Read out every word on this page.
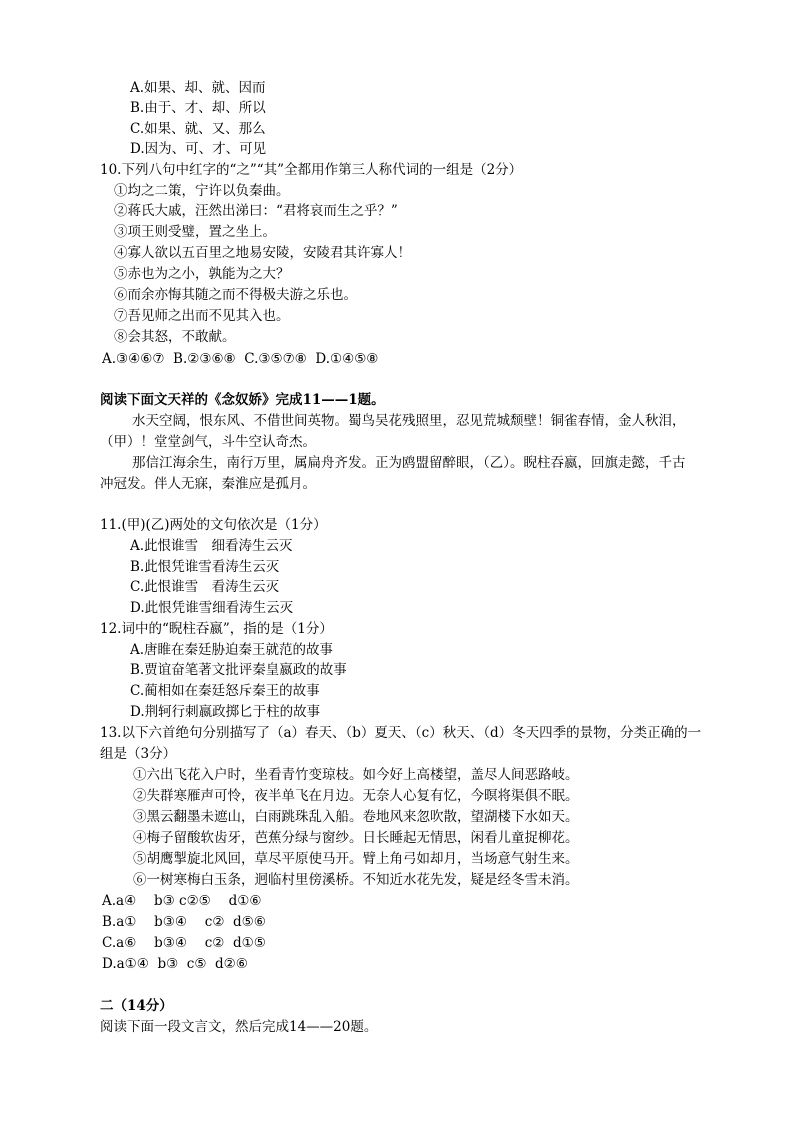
A.如果、却、就、因而
B.由于、才、却、所以
C.如果、就、又、那么
D.因为、可、才、可见
10.下列八句中红字的“之”“其”全都用作第三人称代词的一组是（2分）
①均之二策，宁许以负秦曲。
②蒋氏大戚，汪然出涕曰：“君将哀而生之乎？”
③项王则受璧，置之坐上。
④寡人欲以五百里之地易安陵，安陵君其许寡人！
⑤赤也为之小，孰能为之大？
⑥而余亦悔其随之而不得极夫游之乐也。
⑦吾见师之出而不见其入也。
⑧会其怒，不敢献。
A.③④⑥⑦  B.②③⑥⑧  C.③⑤⑦⑧  D.①④⑤⑧
阅读下面文天祥的《念奴娇》完成11——1题。
水天空阔，恨东风、不借世间英物。蜀鸟吴花残照里，忍见荒城颓壁！铜雀春情，金人秋泪，
（甲）！堂堂剑气，斗牛空认奇杰。
那信江海余生，南行万里，属扁舟齐发。正为鸥盟留醉眼，（乙）。睨柱吞嬴，回旗走懿，千古
冲冠发。伴人无寐，秦淮应是孤月。
11.(甲)(乙)两处的文句依次是（1分）
A.此恨谁雪　细看涛生云灭
B.此恨凭谁雪看涛生云灭
C.此恨谁雪　看涛生云灭
D.此恨凭谁雪细看涛生云灭
12.词中的“睨柱吞嬴”，指的是（1分）
A.唐睢在秦廷胁迫秦王就范的故事
B.贾谊奋笔著文批评秦皇嬴政的故事
C.蔺相如在秦廷怒斥秦王的故事
D.荆轲行刺嬴政掷匕于柱的故事
13.以下六首绝句分别描写了（a）春天、（b）夏天、（c）秋天、（d）冬天四季的景物，分类正确的一
组是（3分）
①六出飞花入户时，坐看青竹变琼枝。如今好上高楼望，盖尽人间恶路岐。
②失群寒雁声可怜，夜半单飞在月边。无奈人心复有忆，今暝将渠俱不眠。
③黑云翻墨未遮山，白雨跳珠乱入船。卷地风来忽吹散，望湖楼下水如天。
④梅子留酸软齿牙，芭蕉分绿与窗纱。日长睡起无情思，闲看儿童捉柳花。
⑤胡鹰掣旋北风回，草尽平原使马开。臂上角弓如却月，当场意气射生来。
⑥一树寒梅白玉条，迥临村里傍溪桥。不知近水花先发，疑是经冬雪未消。
A.a④　 b③ c②⑤　 d①⑥
B.a①　 b③④　 c②  d⑤⑥
C.a⑥　 b③④　 c②  d①⑤
D.a①④  b③  c⑤  d②⑥
二（14分）
阅读下面一段文言文，然后完成14——20题。
